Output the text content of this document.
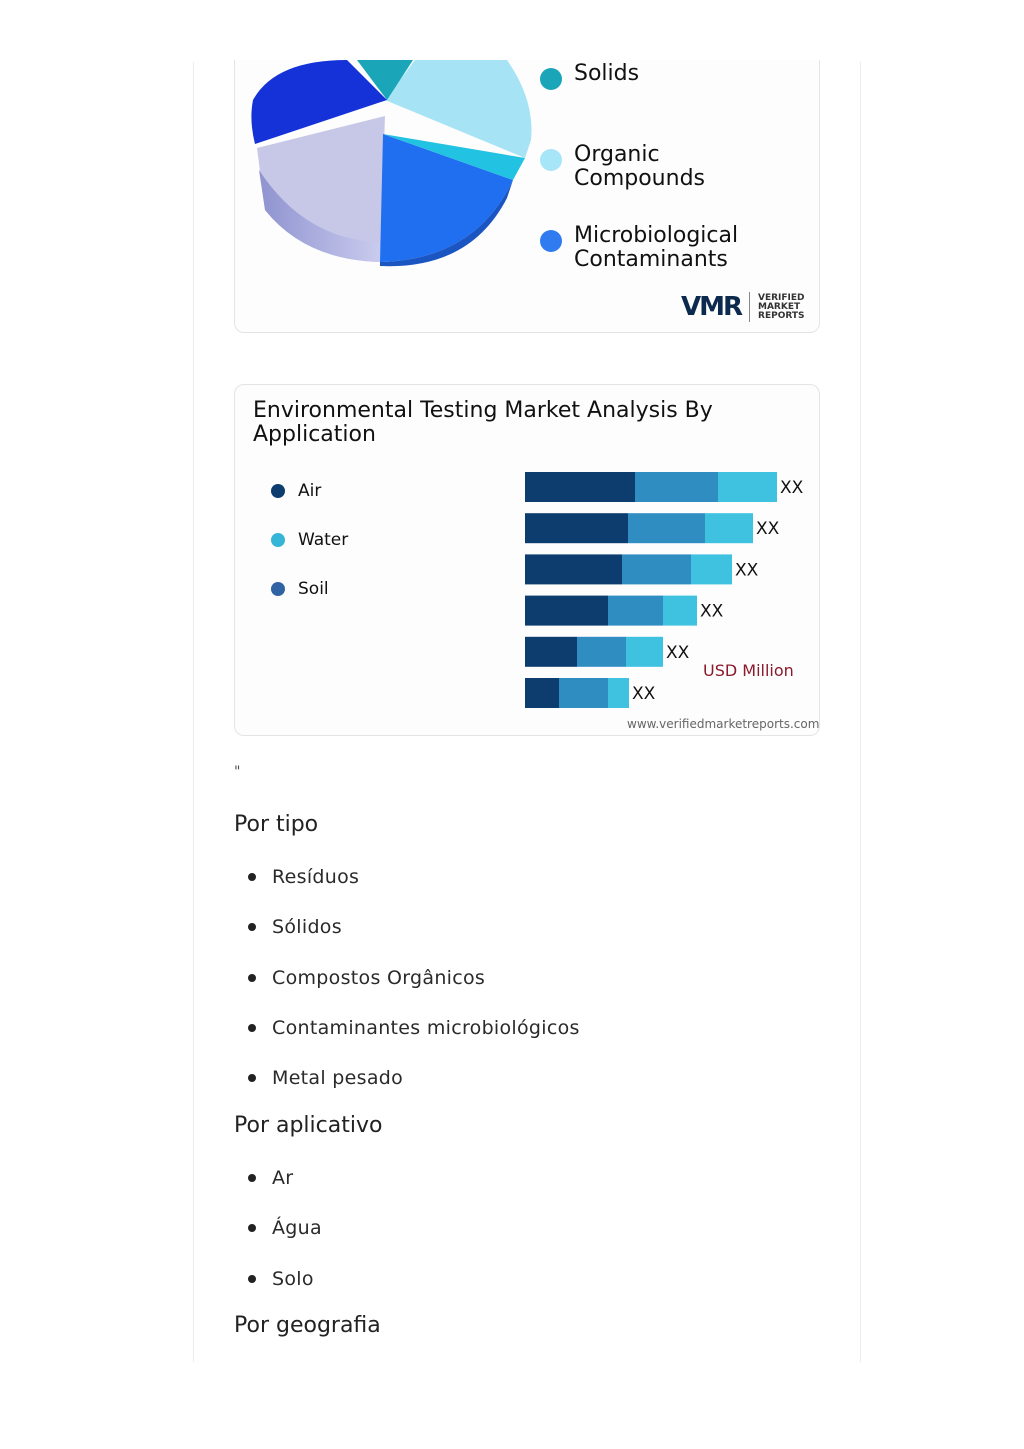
Solids
Organic Compounds
Microbiological Contaminants
VMR VERIFIED
MARKET
REPORTS
Environmental Testing Market Analysis By Application
Air
Water
Soil
XX
XX
XX
XX
XX
XX
USD Million
www.verifiedmarketreports.com
"
Por tipo
Resíduos
Sólidos
Compostos Orgânicos
Contaminantes microbiológicos
Metal pesado
Por aplicativo
Ar
Água
Solo
Por geografia
